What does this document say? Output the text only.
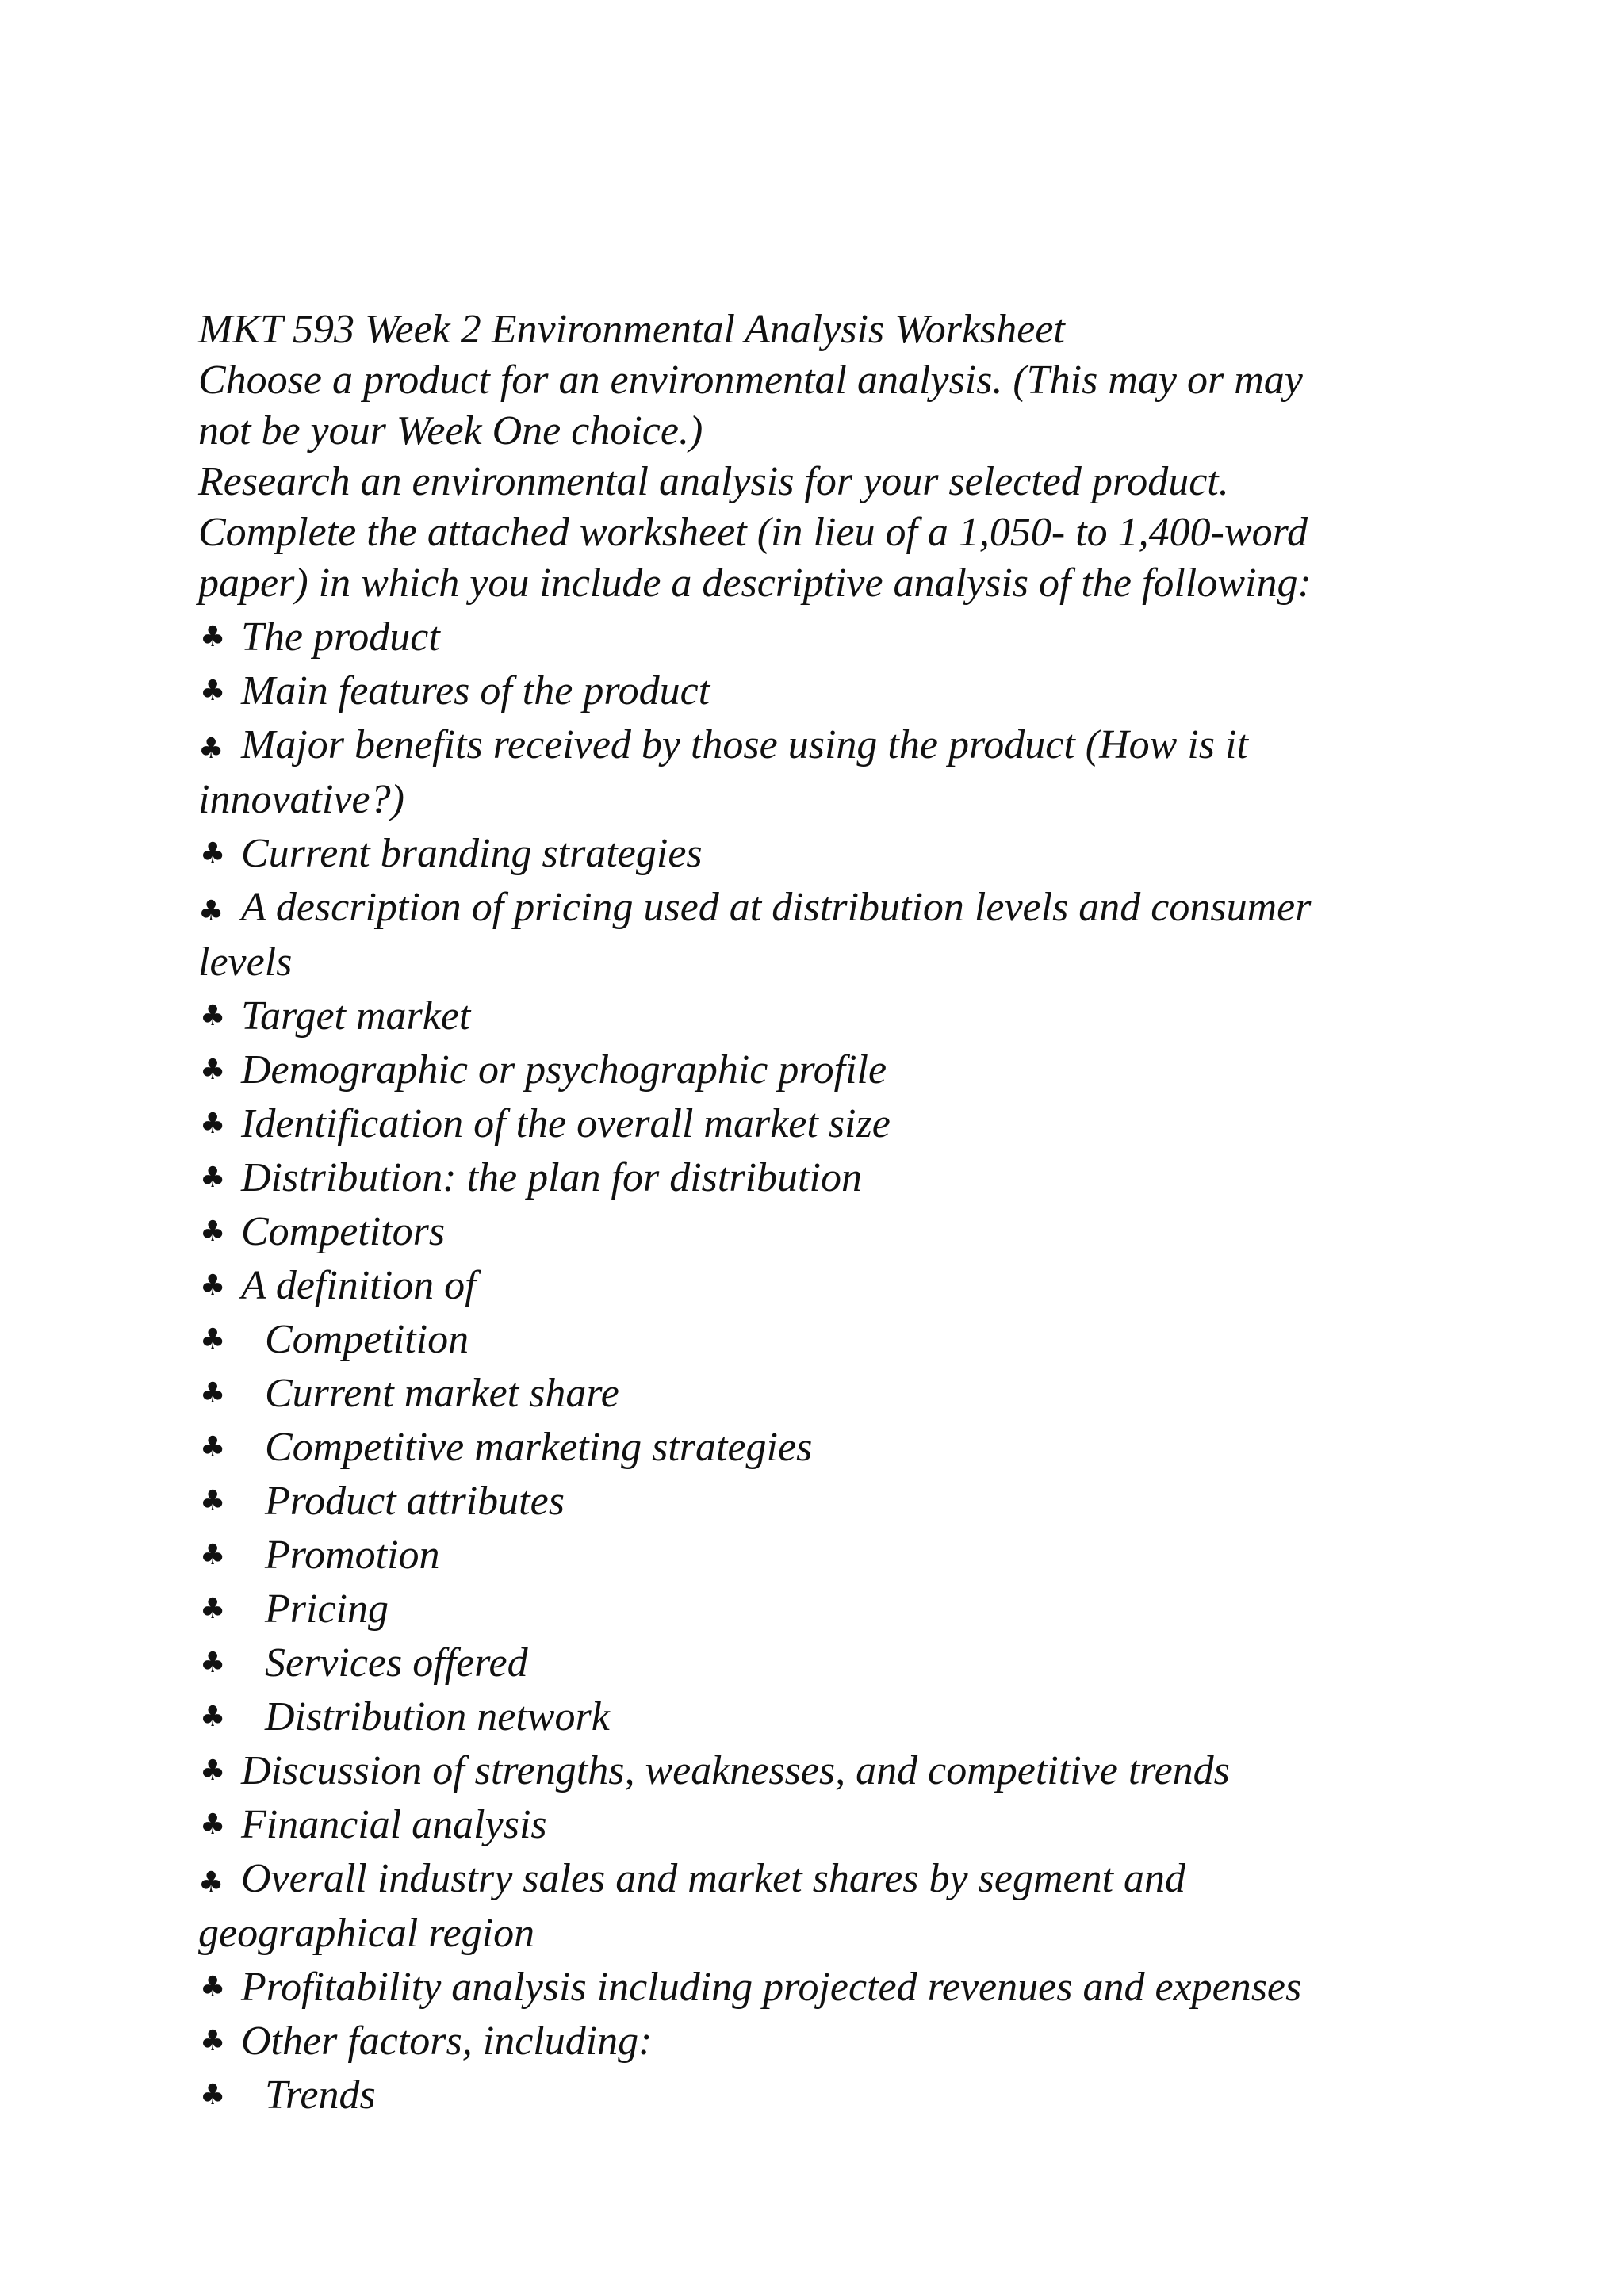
MKT 593 Week 2 Environmental Analysis Worksheet

Choose a product for an environmental analysis. (This may or may

not be your Week One choice.)

Research an environmental analysis for your selected product.

Complete the attached worksheet (in lieu of a 1,050- to 1,400-word

paper) in which you include a descriptive analysis of the following:

♣ The product
♣ Main features of the product
♣ Major benefits received by those using the product (How is it
innovative?)
♣ Current branding strategies
♣ A description of pricing used at distribution levels and consumer
levels
♣ Target market
♣ Demographic or psychographic profile
♣ Identification of the overall market size
♣ Distribution: the plan for distribution
♣ Competitors
♣ A definition of
♣ Competition
♣ Current market share
♣ Competitive marketing strategies
♣ Product attributes
♣ Promotion
♣ Pricing
♣ Services offered
♣ Distribution network
♣ Discussion of strengths, weaknesses, and competitive trends
♣ Financial analysis
♣ Overall industry sales and market shares by segment and
geographical region
♣ Profitability analysis including projected revenues and expenses
♣ Other factors, including:
♣ Trends
